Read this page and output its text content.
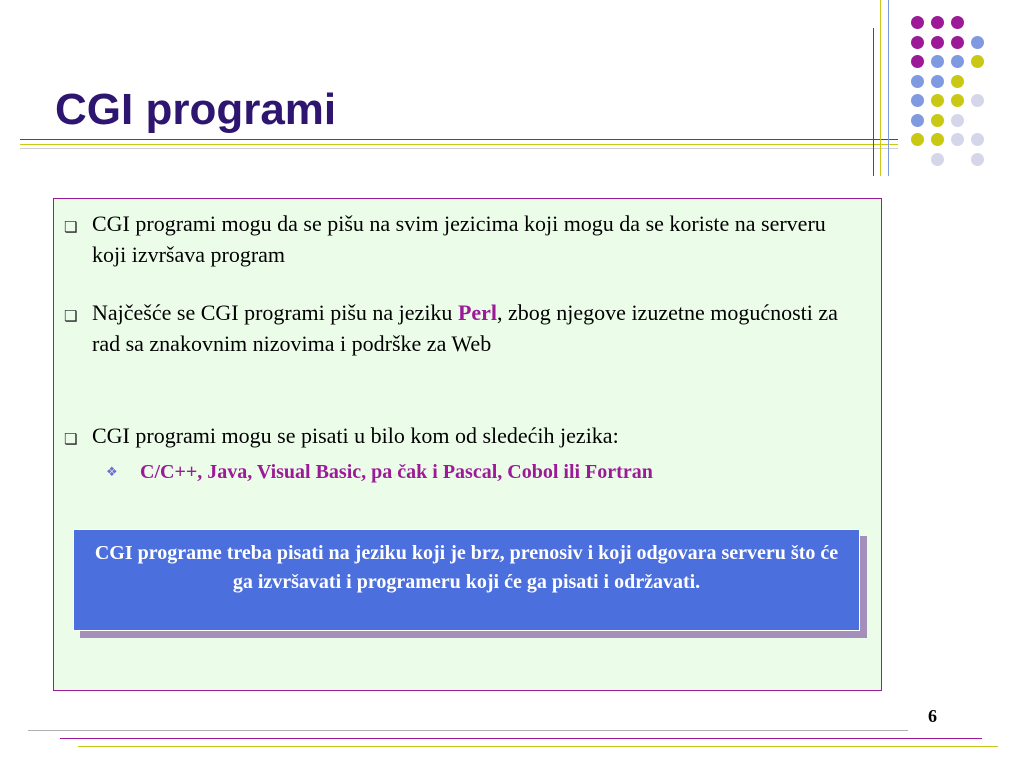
CGI programi
❏ CGI programi mogu da se pišu na svim jezicima koji mogu da se koriste na serveru koji izvršava program
❏ Najčešće se CGI programi pišu na jeziku Perl, zbog njegove izuzetne mogućnosti za rad sa znakovnim nizovima i podrške za Web
❏ CGI programi mogu se pisati u bilo kom od sledećih jezika:
❖	C/C++, Java, Visual Basic, pa čak i Pascal, Cobol ili Fortran
CGI programe treba pisati na jeziku koji je brz, prenosiv i koji odgovara serveru što će ga izvršavati i programeru koji će ga pisati i održavati.
6
